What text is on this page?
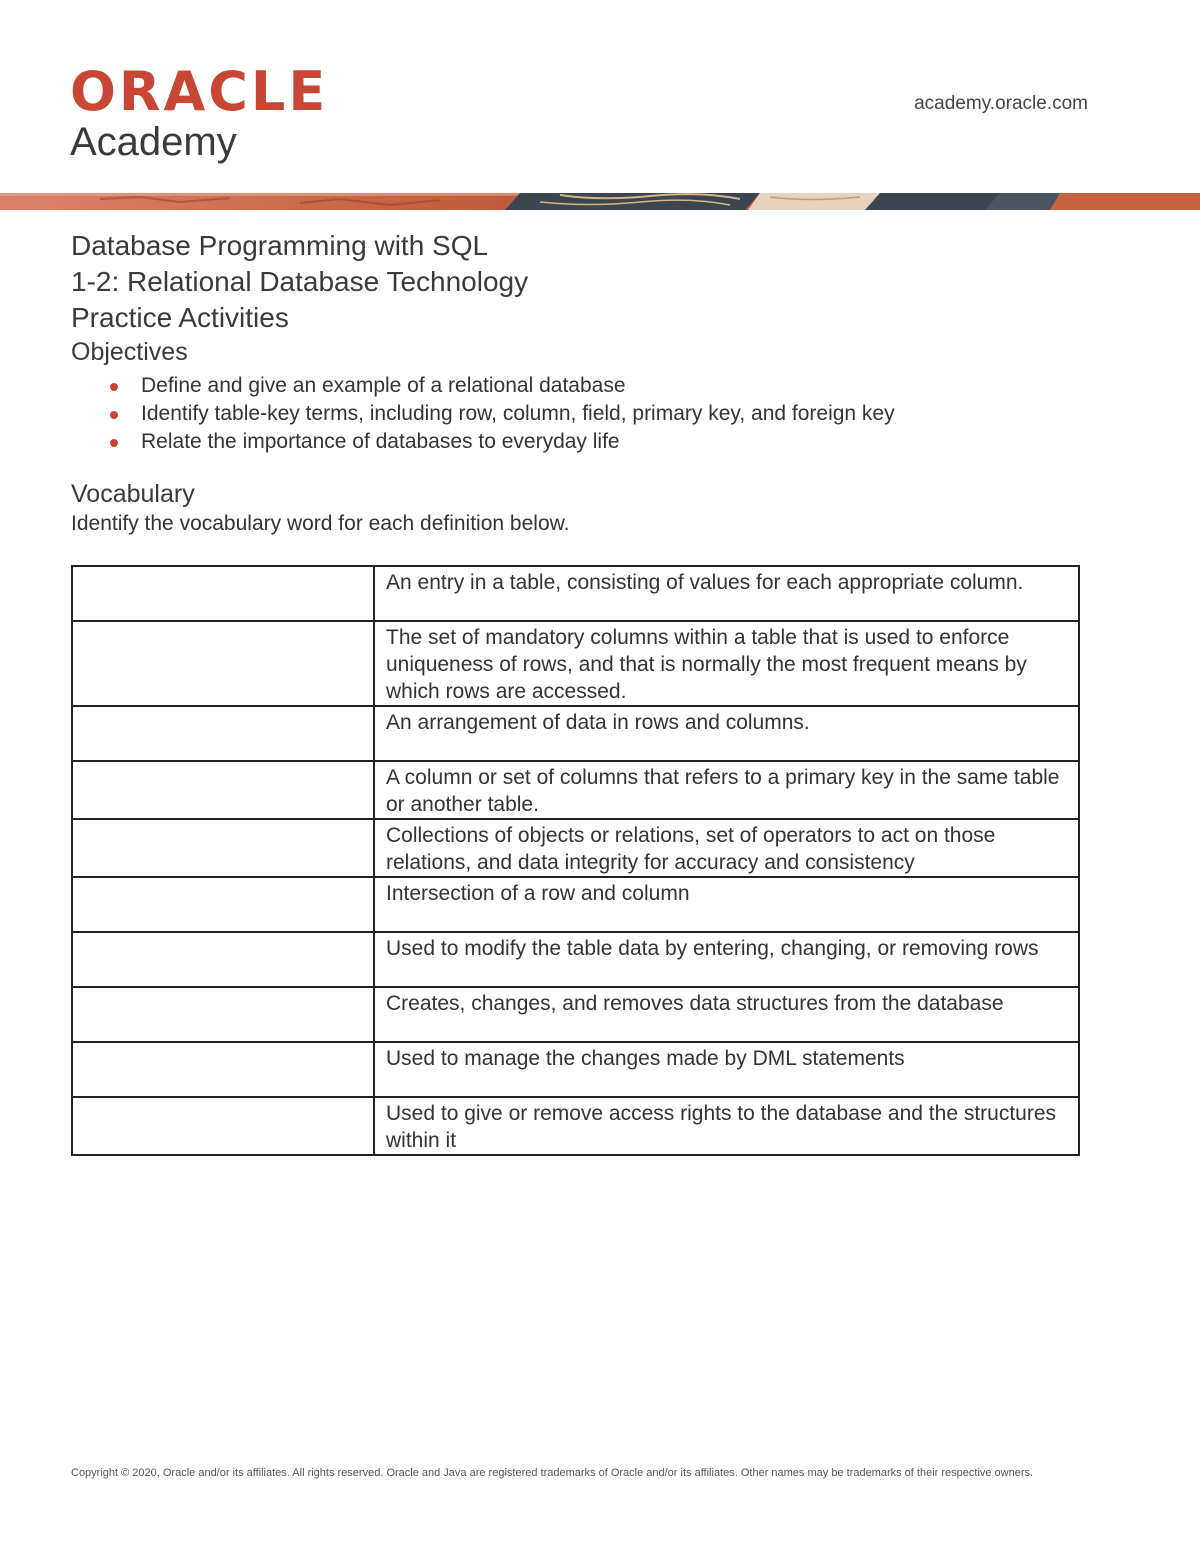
ORACLE
Academy
academy.oracle.com
Database Programming with SQL
1-2: Relational Database Technology
Practice Activities
Objectives
Define and give an example of a relational database
Identify table-key terms, including row, column, field, primary key, and foreign key
Relate the importance of databases to everyday life
Vocabulary

Identify the vocabulary word for each definition below.

	An entry in a table, consisting of values for each appropriate column.
	The set of mandatory columns within a table that is used to enforce uniqueness of rows, and that is normally the most frequent means by which rows are accessed.
	An arrangement of data in rows and columns.
	A column or set of columns that refers to a primary key in the same table or another table.
	Collections of objects or relations, set of operators to act on those relations, and data integrity for accuracy and consistency
	Intersection of a row and column
	Used to modify the table data by entering, changing, or removing rows
	Creates, changes, and removes data structures from the database
	Used to manage the changes made by DML statements
	Used to give or remove access rights to the database and the structures within it
Copyright © 2020, Oracle and/or its affiliates. All rights reserved. Oracle and Java are registered trademarks of Oracle and/or its affiliates. Other names may be trademarks of their respective owners.
